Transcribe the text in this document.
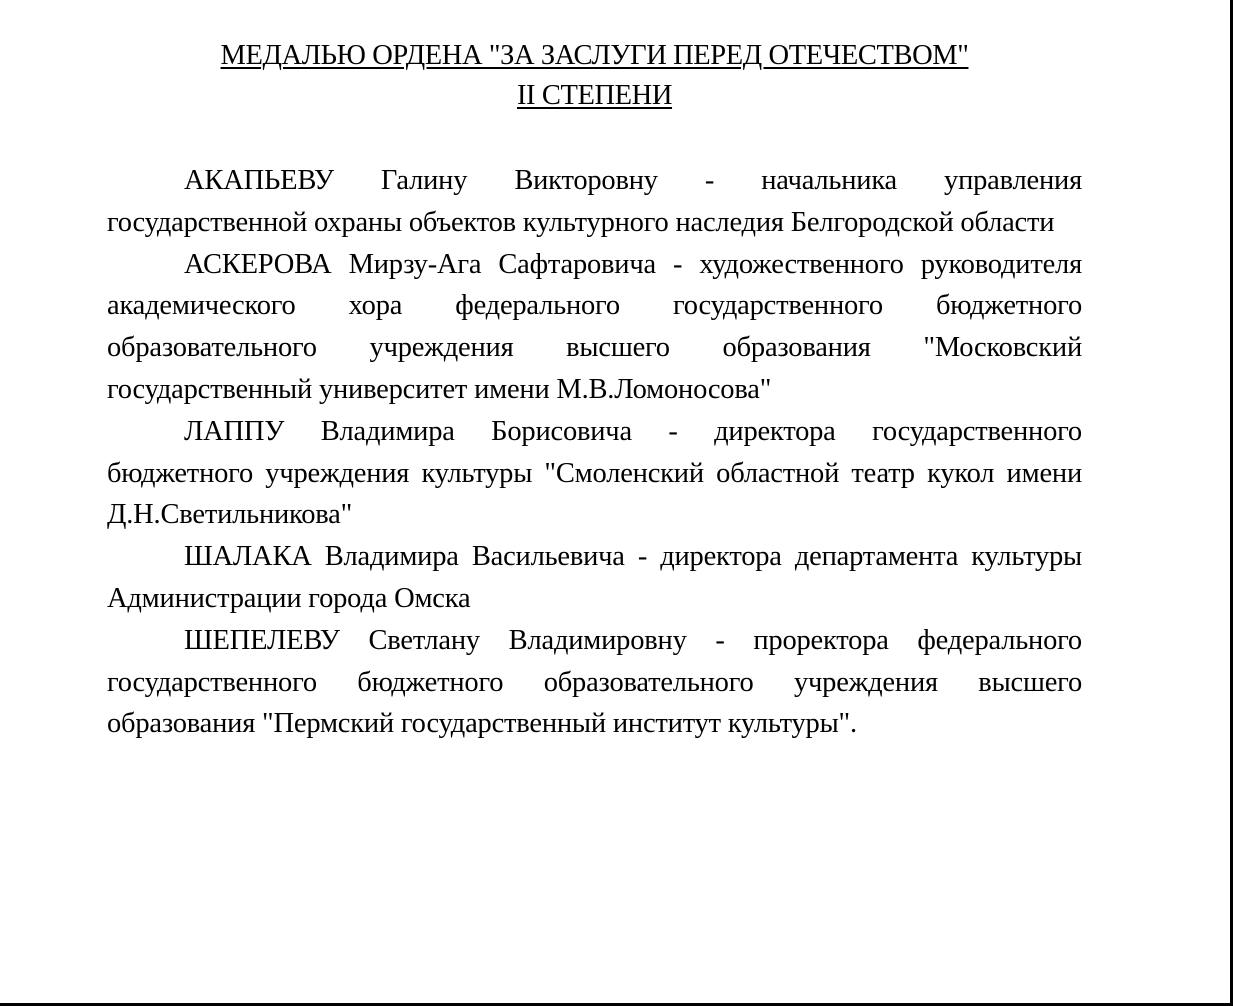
МЕДАЛЬЮ ОРДЕНА "ЗА ЗАСЛУГИ ПЕРЕД ОТЕЧЕСТВОМ"
II СТЕПЕНИ

АКАПЬЕВУ Галину Викторовну - начальника управления государственной охраны объектов культурного наследия Белгородской области

АСКЕРОВА Мирзу-Ага Сафтаровича - художественного руководителя академического хора федерального государственного бюджетного образовательного учреждения высшего образования "Московский государственный университет имени М.В.Ломоносова"

ЛАППУ Владимира Борисовича - директора государственного бюджетного учреждения культуры "Смоленский областной театр кукол имени Д.Н.Светильникова"

ШАЛАКА Владимира Васильевича - директора департамента культуры Администрации города Омска

ШЕПЕЛЕВУ Светлану Владимировну - проректора федерального государственного бюджетного образовательного учреждения высшего образования "Пермский государственный институт культуры".
